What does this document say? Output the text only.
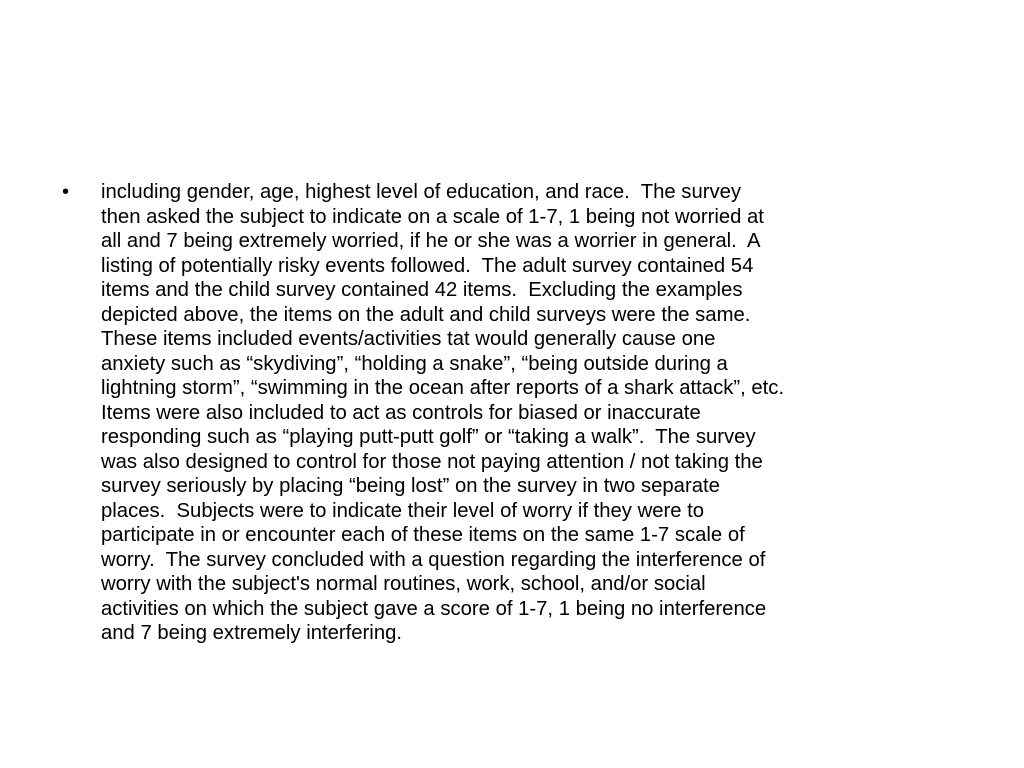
• including gender, age, highest level of education, and race.  The survey
then asked the subject to indicate on a scale of 1-7, 1 being not worried at
all and 7 being extremely worried, if he or she was a worrier in general.  A
listing of potentially risky events followed.  The adult survey contained 54
items and the child survey contained 42 items.  Excluding the examples
depicted above, the items on the adult and child surveys were the same.
These items included events/activities tat would generally cause one
anxiety such as “skydiving”, “holding a snake”, “being outside during a
lightning storm”, “swimming in the ocean after reports of a shark attack”, etc.
Items were also included to act as controls for biased or inaccurate
responding such as “playing putt-putt golf” or “taking a walk”.  The survey
was also designed to control for those not paying attention / not taking the
survey seriously by placing “being lost” on the survey in two separate
places.  Subjects were to indicate their level of worry if they were to
participate in or encounter each of these items on the same 1-7 scale of
worry.  The survey concluded with a question regarding the interference of
worry with the subject's normal routines, work, school, and/or social
activities on which the subject gave a score of 1-7, 1 being no interference
and 7 being extremely interfering.
